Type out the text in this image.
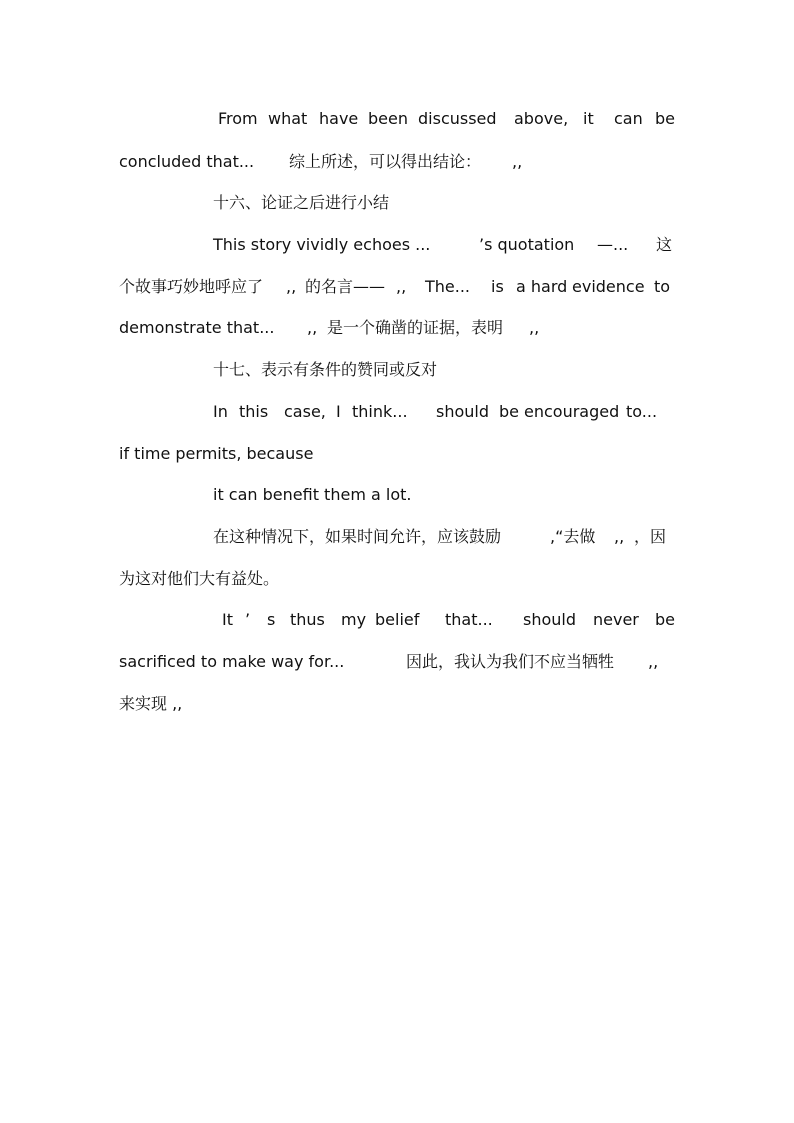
From what have been discussed above, it can be
concluded that... 综上所述，可以得出结论： ,,
十六、论证之后进行小结
This story vividly echoes ...	’s quotation —... 这
个故事巧妙地呼应了 ,, 的名言—— ,, The... is a hard evidence to
demonstrate that... ,, 是一个确凿的证据，表明 ,,
十七、表示有条件的赞同或反对
In this case, I think... should be encouraged to...
if time permits, because
it can benefit them a lot.
在这种情况下，如果时间允许，应该鼓励	,“去做 ,, ，因
为这对他们大有益处。
It ’ s thus my belief that... should never be
sacrificed to make way for...	因此，我认为我们不应当牺牲 ,,
来实现 ,,
